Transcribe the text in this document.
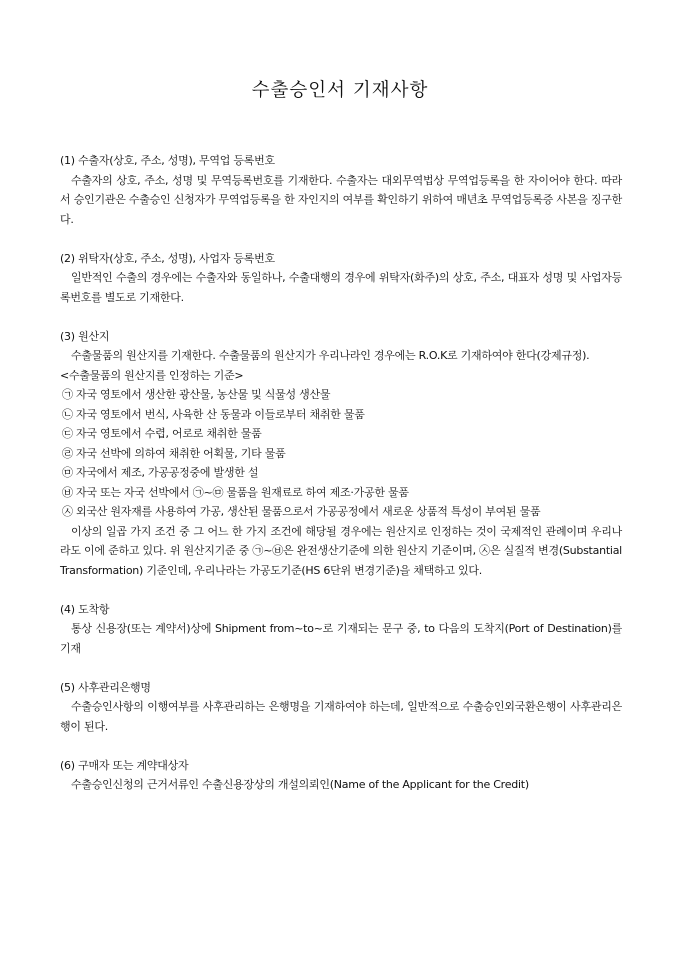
수출승인서 기재사항

(1) 수출자(상호, 주소, 성명), 무역업 등록번호

수출자의 상호, 주소, 성명 및 무역등록번호를 기재한다. 수출자는 대외무역법상 무역업등록을 한 자이어야 한다. 따라서 승인기관은 수출승인 신청자가 무역업등록을 한 자인지의 여부를 확인하기 위하여 매년초 무역업등록증 사본을 징구한다.

(2) 위탁자(상호, 주소, 성명), 사업자 등록번호

일반적인 수출의 경우에는 수출자와 동일하나, 수출대행의 경우에 위탁자(화주)의 상호, 주소, 대표자 성명 및 사업자등록번호를 별도로 기재한다.

(3) 원산지

수출물품의 원산지를 기재한다. 수출물품의 원산지가 우리나라인 경우에는 R.O.K로 기재하여야 한다(강제규정).

<수출물품의 원산지를 인정하는 기준>

㉠ 자국 영토에서 생산한 광산물, 농산물 및 식물성 생산물

㉡ 자국 영토에서 번식, 사육한 산 동물과 이들로부터 채취한 물품

㉢ 자국 영토에서 수렵, 어로로 채취한 물품

㉣ 자국 선박에 의하여 채취한 어획물, 기타 물품

㉤ 자국에서 제조, 가공공정중에 발생한 설

㉥ 자국 또는 자국 선박에서 ㉠~㉤ 물품을 원재료로 하여 제조·가공한 물품

㉦ 외국산 원자재를 사용하여 가공, 생산된 물품으로서 가공공정에서 새로운 상품적 특성이 부여된 물품

이상의 일곱 가지 조건 중 그 어느 한 가지 조건에 해당될 경우에는 원산지로 인정하는 것이 국제적인 관례이며 우리나라도 이에 준하고 있다. 위 원산지기준 중 ㉠~㉥은 완전생산기준에 의한 원산지 기준이며, ㉦은 실질적 변경(Substantial Transformation) 기준인데, 우리나라는 가공도기준(HS 6단위 변경기준)을 채택하고 있다.

(4) 도착항

통상 신용장(또는 계약서)상에 Shipment from~to~로 기재되는 문구 중, to 다음의 도착지(Port of Destination)를 기재

(5) 사후관리은행명

수출승인사항의 이행여부를 사후관리하는 은행명을 기재하여야 하는데, 일반적으로 수출승인외국환은행이 사후관리은행이 된다.

(6) 구매자 또는 계약대상자

수출승인신청의 근거서류인 수출신용장상의 개설의뢰인(Name of the Applicant for the Credit)
